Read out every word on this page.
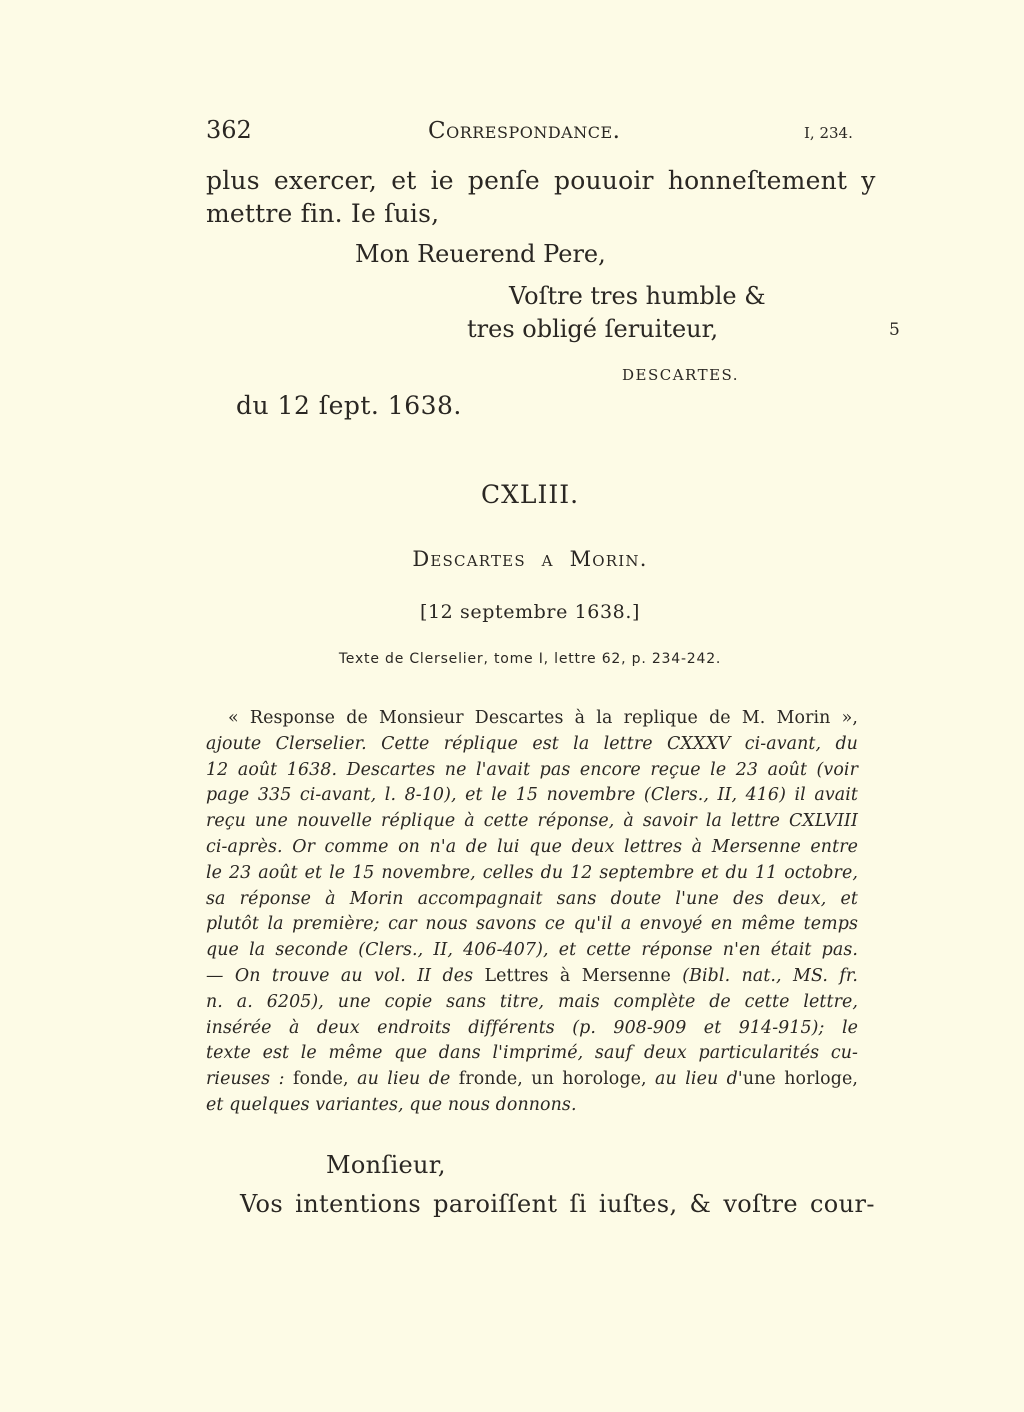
362	Correspondance.	I, 234.
plus exercer, et ie penſe pouuoir honneſtement y
mettre fin. Ie ſuis,
Mon Reuerend Pere,
Voſtre tres humble &
tres obligé ſeruiteur,	5
DESCARTES.
du 12 ſept. 1638.
CXLIII.
Descartes a Morin.
[12 septembre 1638.]
Texte de Clerselier, tome I, lettre 62, p. 234-242.
« Response de Monsieur Descartes à la replique de M. Morin »,
ajoute Clerselier. Cette réplique est la lettre CXXXV ci-avant, du
12 août 1638. Descartes ne l'avait pas encore reçue le 23 août (voir
page 335 ci-avant, l. 8-10), et le 15 novembre (Clers., II, 416) il avait
reçu une nouvelle réplique à cette réponse, à savoir la lettre CXLVIII
ci-après. Or comme on n'a de lui que deux lettres à Mersenne entre
le 23 août et le 15 novembre, celles du 12 septembre et du 11 octobre,
sa réponse à Morin accompagnait sans doute l'une des deux, et
plutôt la première; car nous savons ce qu'il a envoyé en même temps
que la seconde (Clers., II, 406-407), et cette réponse n'en était pas.
— On trouve au vol. II des Lettres à Mersenne (Bibl. nat., MS. fr.
n. a. 6205), une copie sans titre, mais complète de cette lettre,
insérée à deux endroits différents (p. 908-909 et 914-915); le
texte est le même que dans l'imprimé, sauf deux particularités cu-
rieuses : fonde, au lieu de fronde, un horologe, au lieu d'une horloge,
et quelques variantes, que nous donnons.
Monſieur,
Vos intentions paroiſſent ſi iuſtes, & voſtre cour-
